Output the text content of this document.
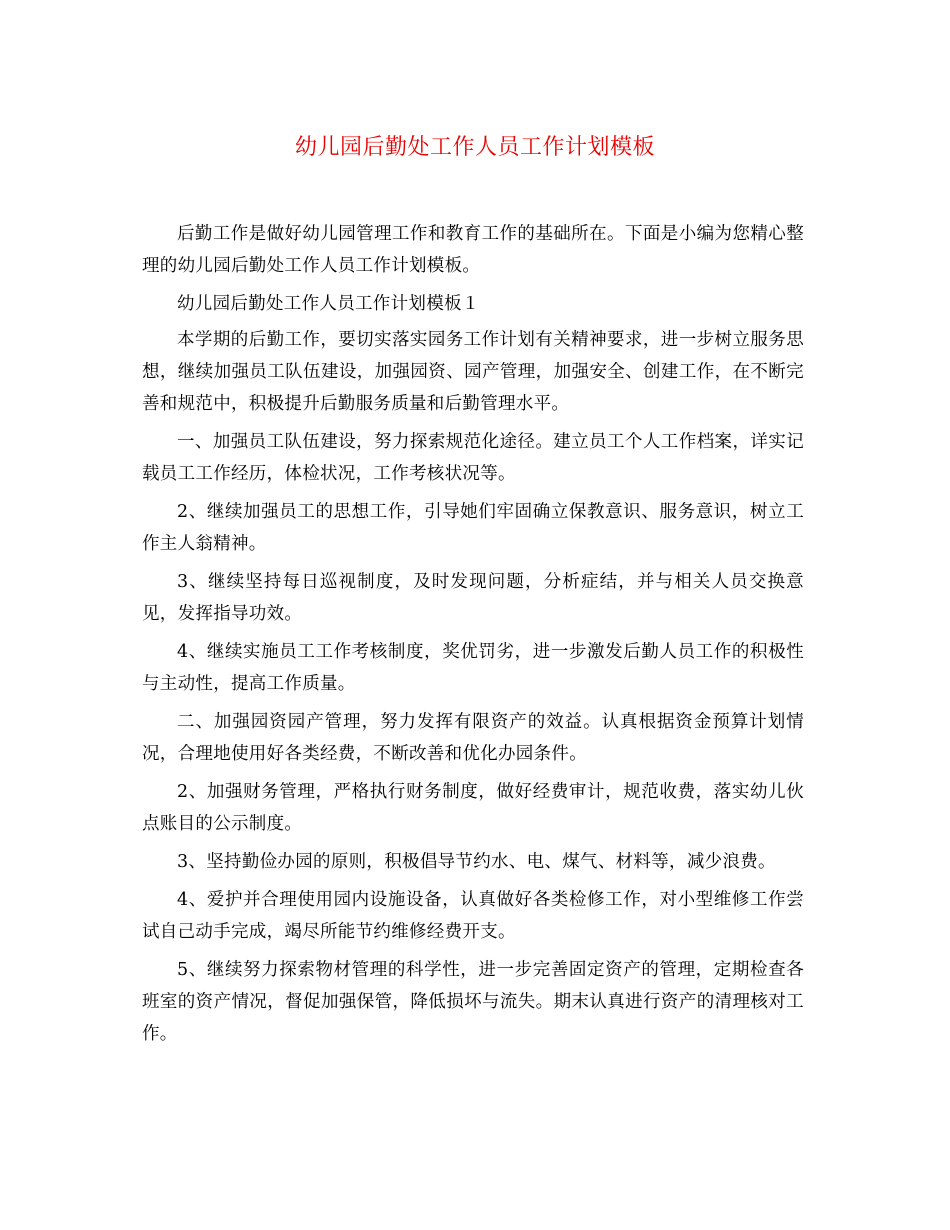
幼儿园后勤处工作人员工作计划模板

后勤工作是做好幼儿园管理工作和教育工作的基础所在。下面是小编为您精心整理的幼儿园后勤处工作人员工作计划模板。

幼儿园后勤处工作人员工作计划模板１

本学期的后勤工作，要切实落实园务工作计划有关精神要求，进一步树立服务思想，继续加强员工队伍建设，加强园资、园产管理，加强安全、创建工作，在不断完善和规范中，积极提升后勤服务质量和后勤管理水平。

一、加强员工队伍建设，努力探索规范化途径。建立员工个人工作档案，详实记载员工工作经历，体检状况，工作考核状况等。

2、继续加强员工的思想工作，引导她们牢固确立保教意识、服务意识，树立工作主人翁精神。

3、继续坚持每日巡视制度，及时发现问题，分析症结，并与相关人员交换意见，发挥指导功效。

4、继续实施员工工作考核制度，奖优罚劣，进一步激发后勤人员工作的积极性与主动性，提高工作质量。

二、加强园资园产管理，努力发挥有限资产的效益。认真根据资金预算计划情况，合理地使用好各类经费，不断改善和优化办园条件。

2、加强财务管理，严格执行财务制度，做好经费审计，规范收费，落实幼儿伙点账目的公示制度。

3、坚持勤俭办园的原则，积极倡导节约水、电、煤气、材料等，减少浪费。

4、爱护并合理使用园内设施设备，认真做好各类检修工作，对小型维修工作尝试自己动手完成，竭尽所能节约维修经费开支。

5、继续努力探索物材管理的科学性，进一步完善固定资产的管理，定期检查各班室的资产情况，督促加强保管，降低损坏与流失。期末认真进行资产的清理核对工作。
